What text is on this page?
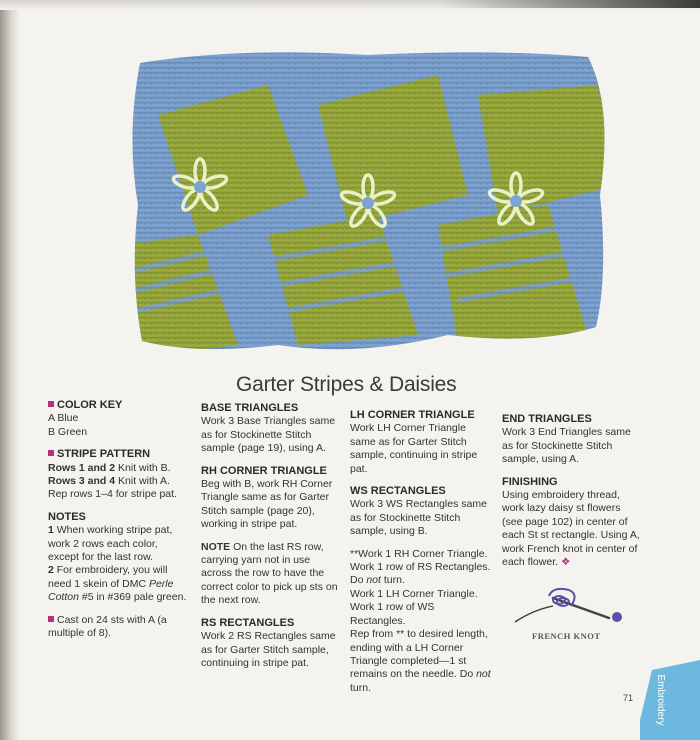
Garter Stripes & Daisies

COLOR KEY

A Blue

B Green

STRIPE PATTERN

Rows 1 and 2 Knit with B.

Rows 3 and 4 Knit with A.

Rep rows 1–4 for stripe pat.

NOTES

1 When working stripe pat, work 2 rows each color, except for the last row.

2 For embroidery, you will need 1 skein of DMC Perle Cotton #5 in #369 pale green.

Cast on 24 sts with A (a multiple of 8).

BASE TRIANGLES

Work 3 Base Triangles same as for Stockinette Stitch sample (page 19), using A.

RH CORNER TRIANGLE

Beg with B, work RH Corner Triangle same as for Garter Stitch sample (page 20), working in stripe pat.

NOTE On the last RS row, carrying yarn not in use across the row to have the correct color to pick up sts on the next row.

RS RECTANGLES

Work 2 RS Rectangles same as for Garter Stitch sample, continuing in stripe pat.

LH CORNER TRIANGLE

Work LH Corner Triangle same as for Garter Stitch sample, continuing in stripe pat.

WS RECTANGLES

Work 3 WS Rectangles same as for Stockinette Stitch sample, using B.

**Work 1 RH Corner Triangle.

Work 1 row of RS Rectangles.

Do not turn.

Work 1 LH Corner Triangle.

Work 1 row of WS Rectangles.

Rep from ** to desired length, ending with a LH Corner Triangle completed—1 st remains on the needle. Do not turn.

END TRIANGLES

Work 3 End Triangles same as for Stockinette Stitch sample, using A.

FINISHING

Using embroidery thread, work lazy daisy st flowers (see page 102) in center of each St st rectangle. Using A, work French knot in center of each flower. ❖

FRENCH KNOT
71 Embroidery
